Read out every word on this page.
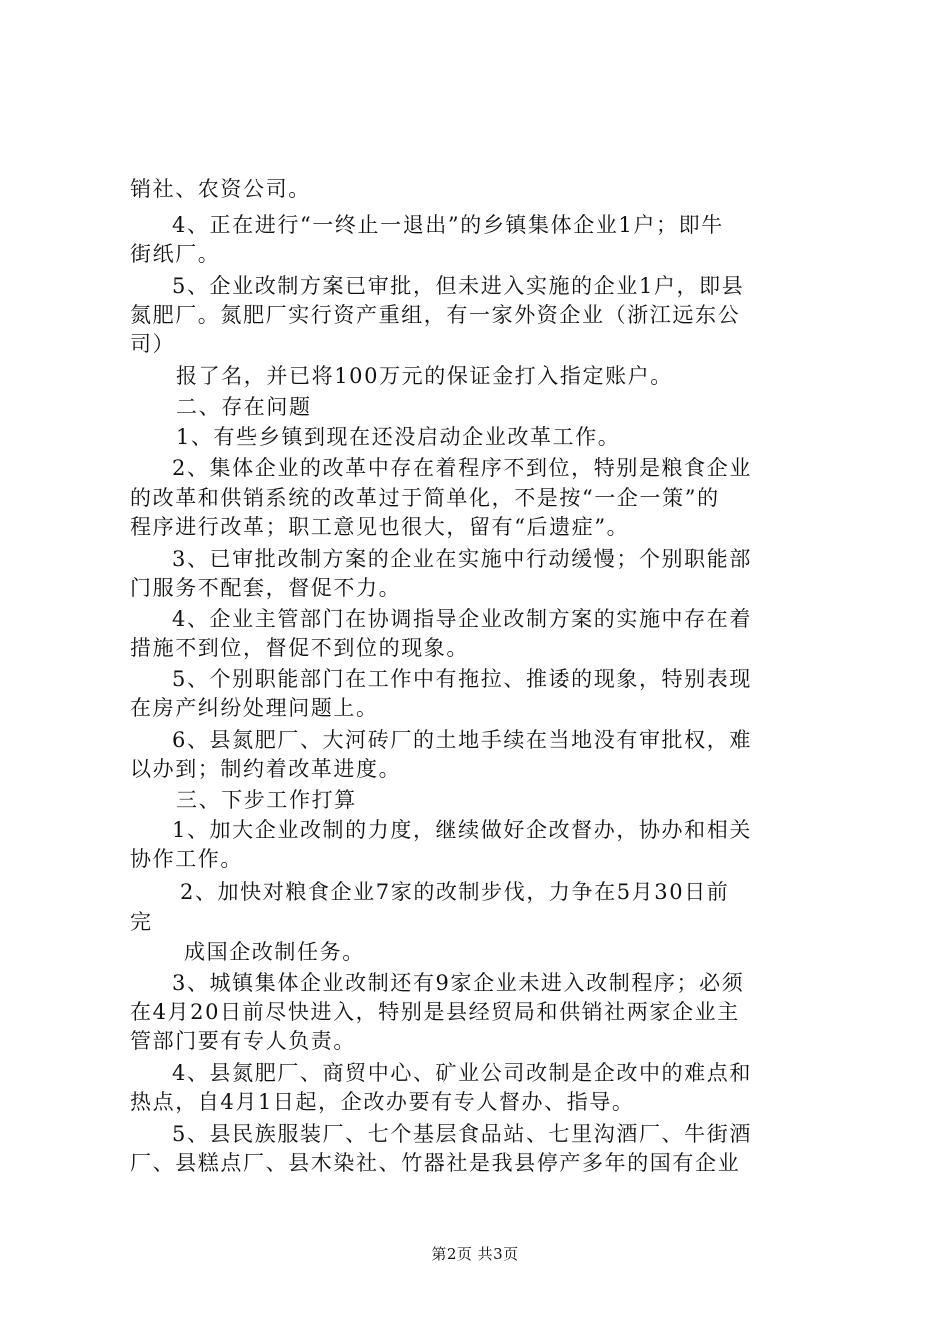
销社、农资公司。
4、正在进行“一终止一退出”的乡镇集体企业1户；即牛
街纸厂。
5、企业改制方案已审批，但未进入实施的企业1户，即县
氮肥厂。氮肥厂实行资产重组，有一家外资企业（浙江远东公
司）
报了名，并已将100万元的保证金打入指定账户。
二、存在问题
1、有些乡镇到现在还没启动企业改革工作。
2、集体企业的改革中存在着程序不到位，特别是粮食企业
的改革和供销系统的改革过于简单化，不是按“一企一策”的
程序进行改革；职工意见也很大，留有“后遗症”。
3、已审批改制方案的企业在实施中行动缓慢；个别职能部
门服务不配套，督促不力。
4、企业主管部门在协调指导企业改制方案的实施中存在着
措施不到位，督促不到位的现象。
5、个别职能部门在工作中有拖拉、推诿的现象，特别表现
在房产纠纷处理问题上。
6、县氮肥厂、大河砖厂的土地手续在当地没有审批权，难
以办到；制约着改革进度。
三、下步工作打算
1、加大企业改制的力度，继续做好企改督办，协办和相关
协作工作。
2、加快对粮食企业7家的改制步伐，力争在5月30日前
完
成国企改制任务。
3、城镇集体企业改制还有9家企业未进入改制程序；必须
在4月20日前尽快进入，特别是县经贸局和供销社两家企业主
管部门要有专人负责。
4、县氮肥厂、商贸中心、矿业公司改制是企改中的难点和
热点，自4月1日起，企改办要有专人督办、指导。
5、县民族服装厂、七个基层食品站、七里沟酒厂、牛街酒
厂、县糕点厂、县木染社、竹器社是我县停产多年的国有企业
第2页 共3页
